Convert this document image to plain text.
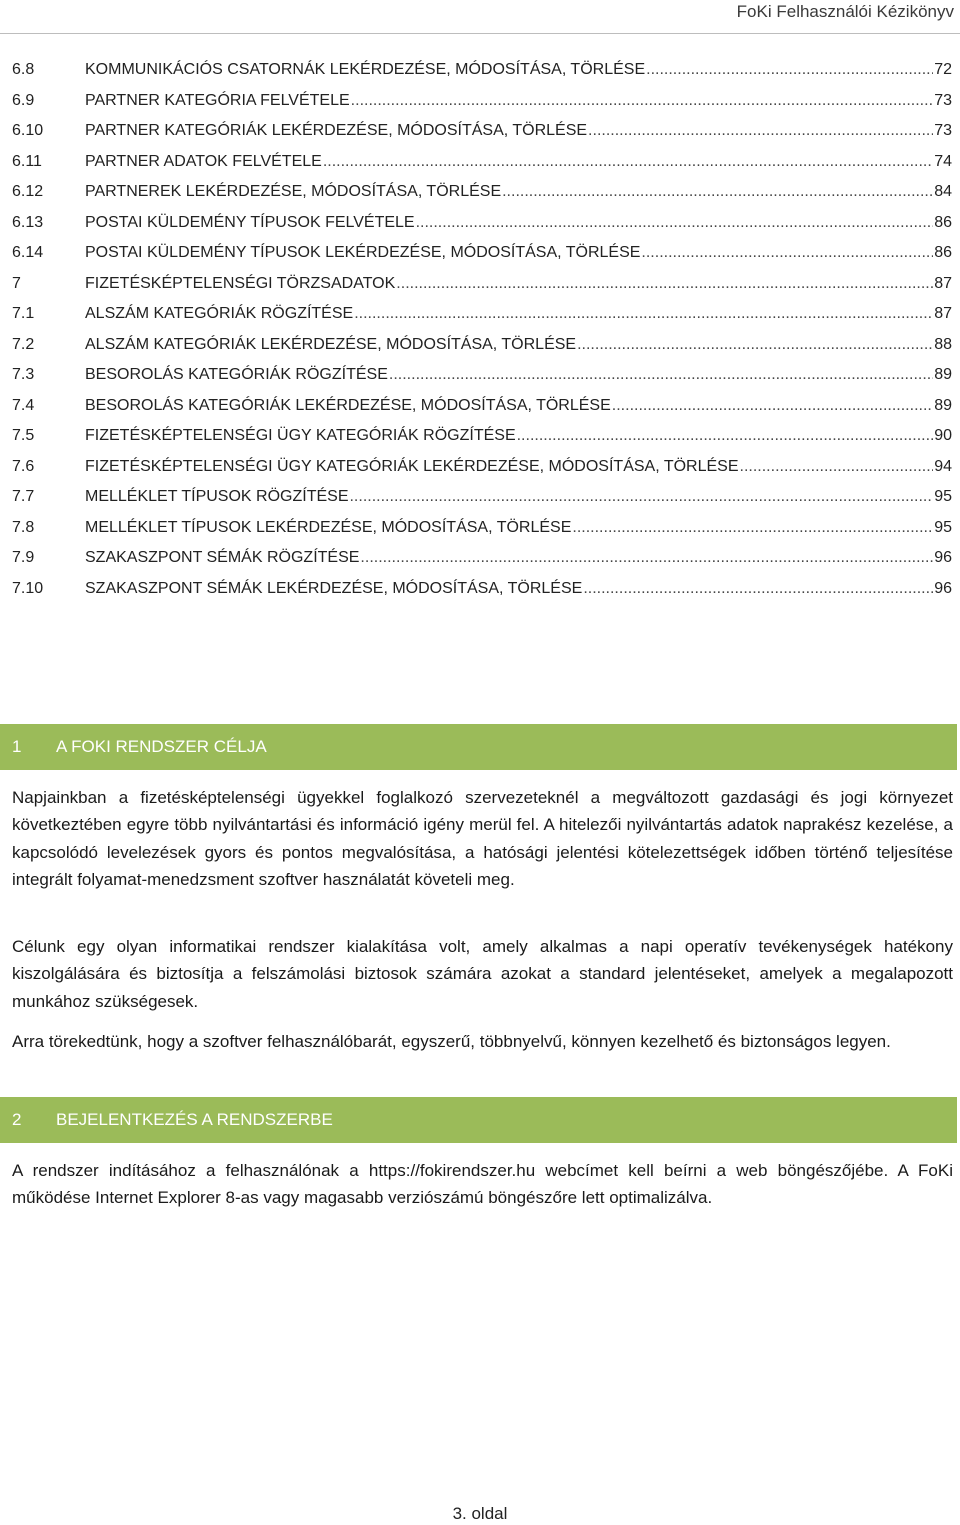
FoKi Felhasználói Kézikönyv
6.8	KOMMUNIKÁCIÓS CSATORNÁK LEKÉRDEZÉSE, MÓDOSÍTÁSA, TÖRLÉSE .....	72
6.9	PARTNER KATEGÓRIA FELVÉTELE .....	73
6.10	PARTNER KATEGÓRIÁK LEKÉRDEZÉSE, MÓDOSÍTÁSA, TÖRLÉSE .....	73
6.11	PARTNER ADATOK FELVÉTELE .....	74
6.12	PARTNEREK LEKÉRDEZÉSE, MÓDOSÍTÁSA, TÖRLÉSE .....	84
6.13	POSTAI KÜLDEMÉNY TÍPUSOK FELVÉTELE .....	86
6.14	POSTAI KÜLDEMÉNY TÍPUSOK LEKÉRDEZÉSE, MÓDOSÍTÁSA, TÖRLÉSE .....	86
7	FIZETÉSKÉPTELENSÉGI TÖRZSADATOK .....	87
7.1	ALSZÁM KATEGÓRIÁK RÖGZÍTÉSE .....	87
7.2	ALSZÁM KATEGÓRIÁK LEKÉRDEZÉSE, MÓDOSÍTÁSA, TÖRLÉSE .....	88
7.3	BESOROLÁS KATEGÓRIÁK RÖGZÍTÉSE .....	89
7.4	BESOROLÁS KATEGÓRIÁK LEKÉRDEZÉSE, MÓDOSÍTÁSA, TÖRLÉSE .....	89
7.5	FIZETÉSKÉPTELENSÉGI ÜGY KATEGÓRIÁK RÖGZÍTÉSE .....	90
7.6	FIZETÉSKÉPTELENSÉGI ÜGY KATEGÓRIÁK LEKÉRDEZÉSE, MÓDOSÍTÁSA, TÖRLÉSE .....	94
7.7	MELLÉKLET TÍPUSOK RÖGZÍTÉSE .....	95
7.8	MELLÉKLET TÍPUSOK LEKÉRDEZÉSE, MÓDOSÍTÁSA, TÖRLÉSE .....	95
7.9	SZAKASZPONT SÉMÁK RÖGZÍTÉSE .....	96
7.10	SZAKASZPONT SÉMÁK LEKÉRDEZÉSE, MÓDOSÍTÁSA, TÖRLÉSE .....	96
1	A FOKI RENDSZER CÉLJA

Napjainkban a fizetésképtelenségi ügyekkel foglalkozó szervezeteknél a megváltozott gazdasági és jogi környezet következtében egyre több nyilvántartási és információ igény merül fel. A hitelezői nyilvántartás adatok naprakész kezelése, a kapcsolódó levelezések gyors és pontos megvalósítása, a hatósági jelentési kötelezettségek időben történő teljesítése integrált folyamat-menedzsment szoftver használatát követeli meg.

Célunk egy olyan informatikai rendszer kialakítása volt, amely alkalmas a napi operatív tevékenységek hatékony kiszolgálására és biztosítja a felszámolási biztosok számára azokat a standard jelentéseket, amelyek a megalapozott munkához szükségesek.

Arra törekedtünk, hogy a szoftver felhasználóbarát, egyszerű, többnyelvű, könnyen kezelhető és biztonságos legyen.

2	BEJELENTKEZÉS A RENDSZERBE

A rendszer indításához a felhasználónak a https://fokirendszer.hu webcímet kell beírni a web böngészőjébe. A FoKi működése Internet Explorer 8-as vagy magasabb verziószámú böngészőre lett optimalizálva.

3. oldal
